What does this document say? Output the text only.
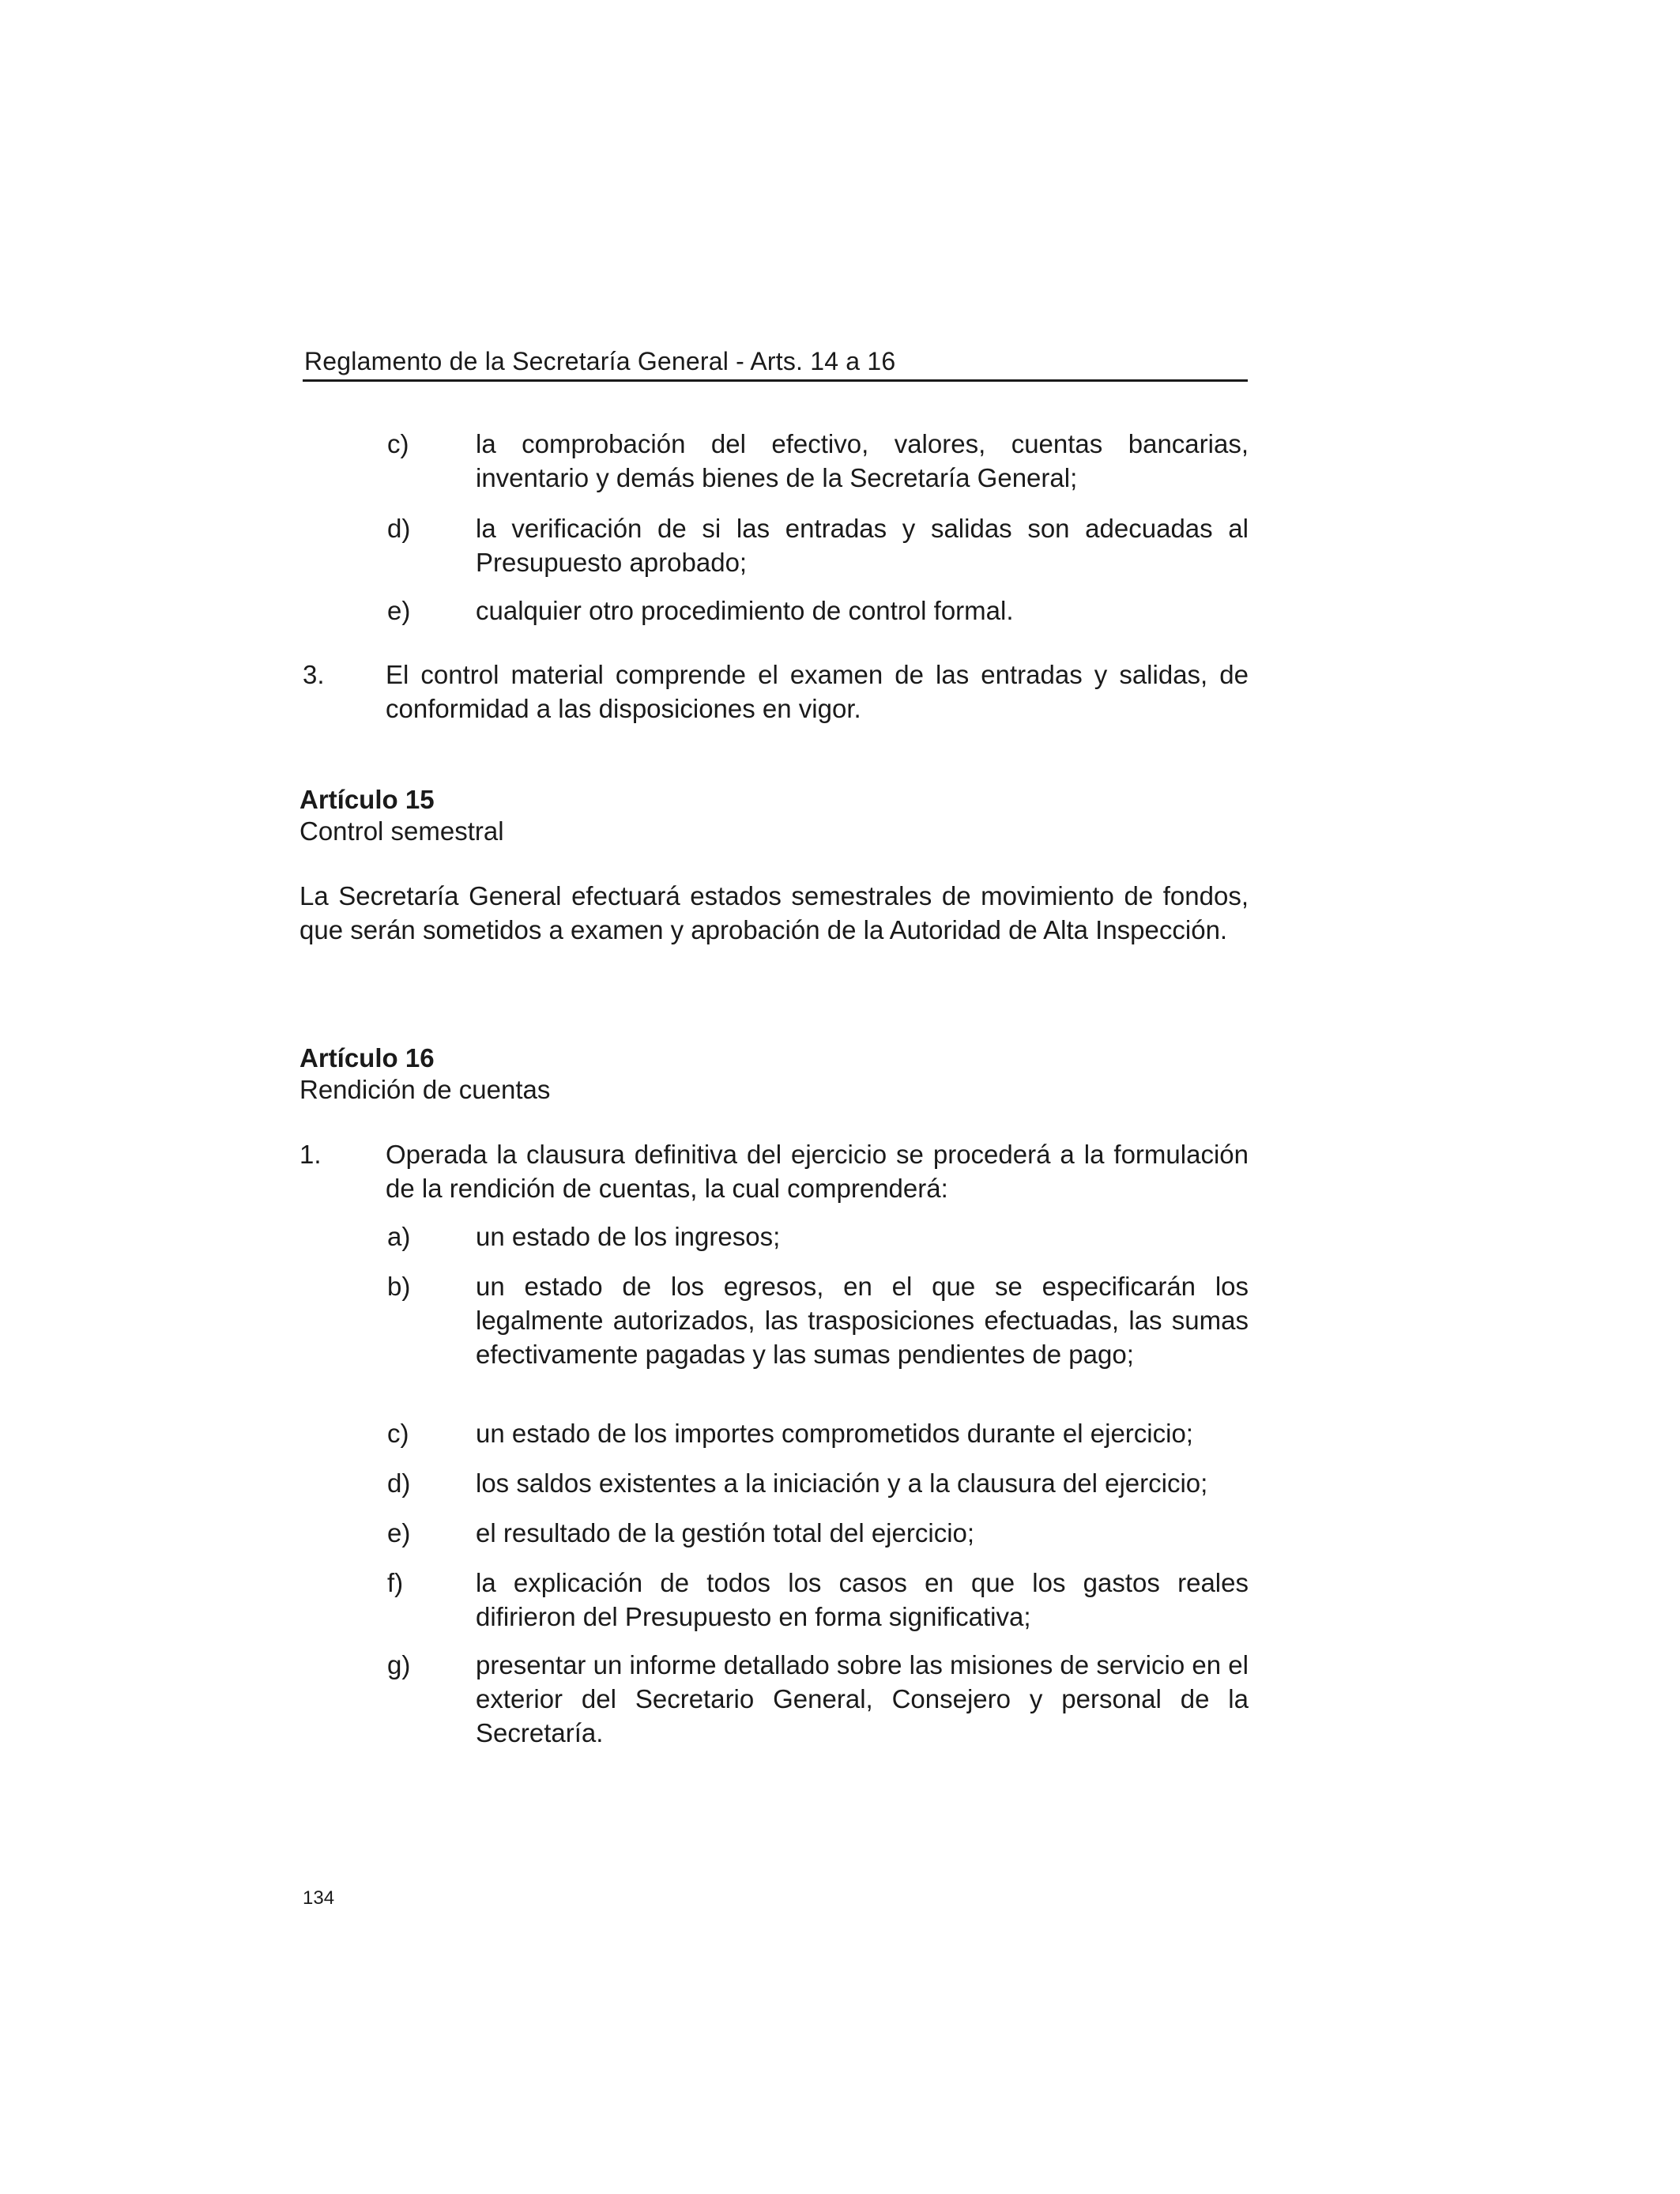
Reglamento de la Secretaría General - Arts. 14 a 16
c)	la comprobación del efectivo, valores, cuentas bancarias, inventario y demás bienes de la Secretaría General;

d)	la verificación de si las entradas y salidas son adecuadas al Presupuesto aprobado;

e)	cualquier otro procedimiento de control formal.

3. El control material comprende el examen de las entradas y salidas, de conformidad a las disposiciones en vigor.

Artículo 15
Control semestral

La Secretaría General efectuará estados semestrales de movimiento de fondos, que serán sometidos a examen y aprobación de la Autoridad de Alta Inspección.

Artículo 16
Rendición de cuentas
1. Operada la clausura definitiva del ejercicio se procederá a la formulación de la rendición de cuentas, la cual comprenderá:

a)	un estado de los ingresos;

b)	un estado de los egresos, en el que se especificarán los legalmente autorizados, las trasposiciones efectuadas, las sumas efectivamente pagadas y las sumas pendientes de pago;

c)	un estado de los importes comprometidos durante el ejercicio;

d)	los saldos existentes a la iniciación y a la clausura del ejercicio;

e)	el resultado de la gestión total del ejercicio;

f)	la explicación de todos los casos en que los gastos reales difirieron del Presupuesto en forma significativa;

g)	presentar un informe detallado sobre las misiones de servicio en el exterior del Secretario General, Consejero y personal de la Secretaría.

134
